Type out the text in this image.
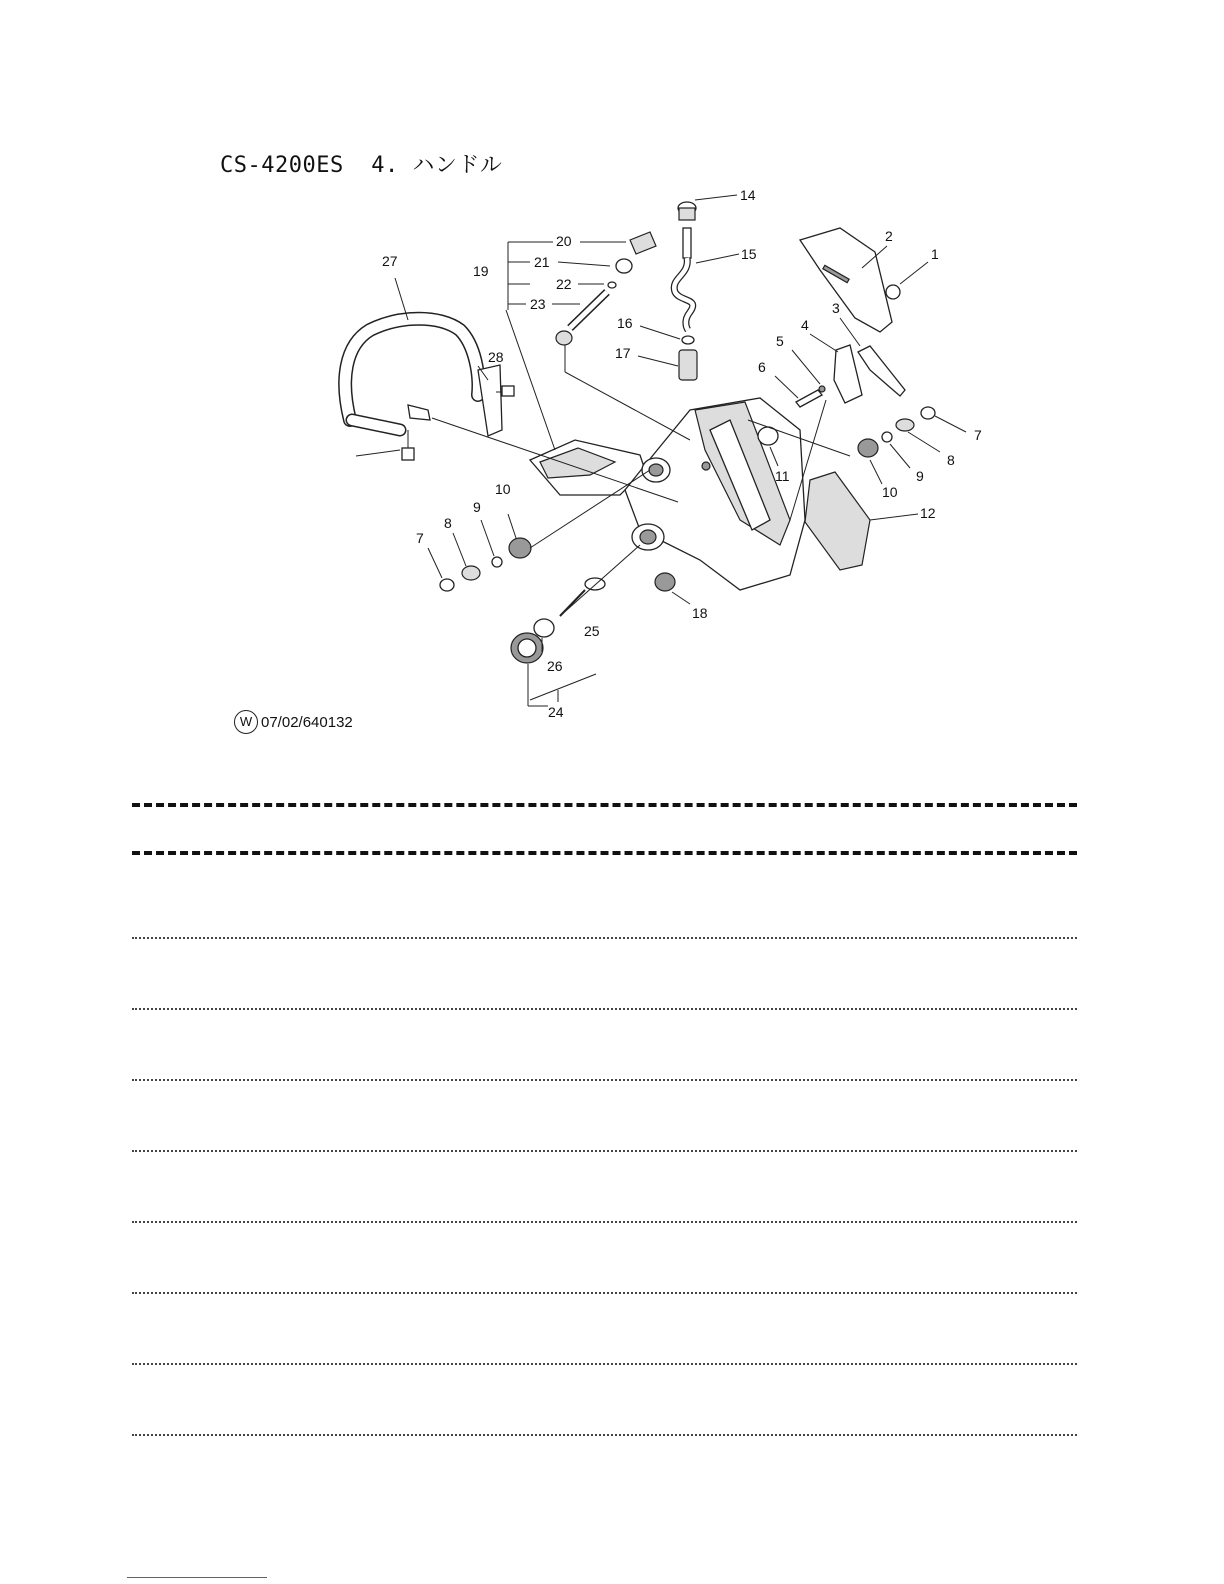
CS-4200ES  4. ハンドル
14
15
16
17
19
20
21
22
23
27
28
2
1
3
4
5
6
7
8
9
10
11
12
18
10
9
8
7
25
26
24
W 07/02/640132
